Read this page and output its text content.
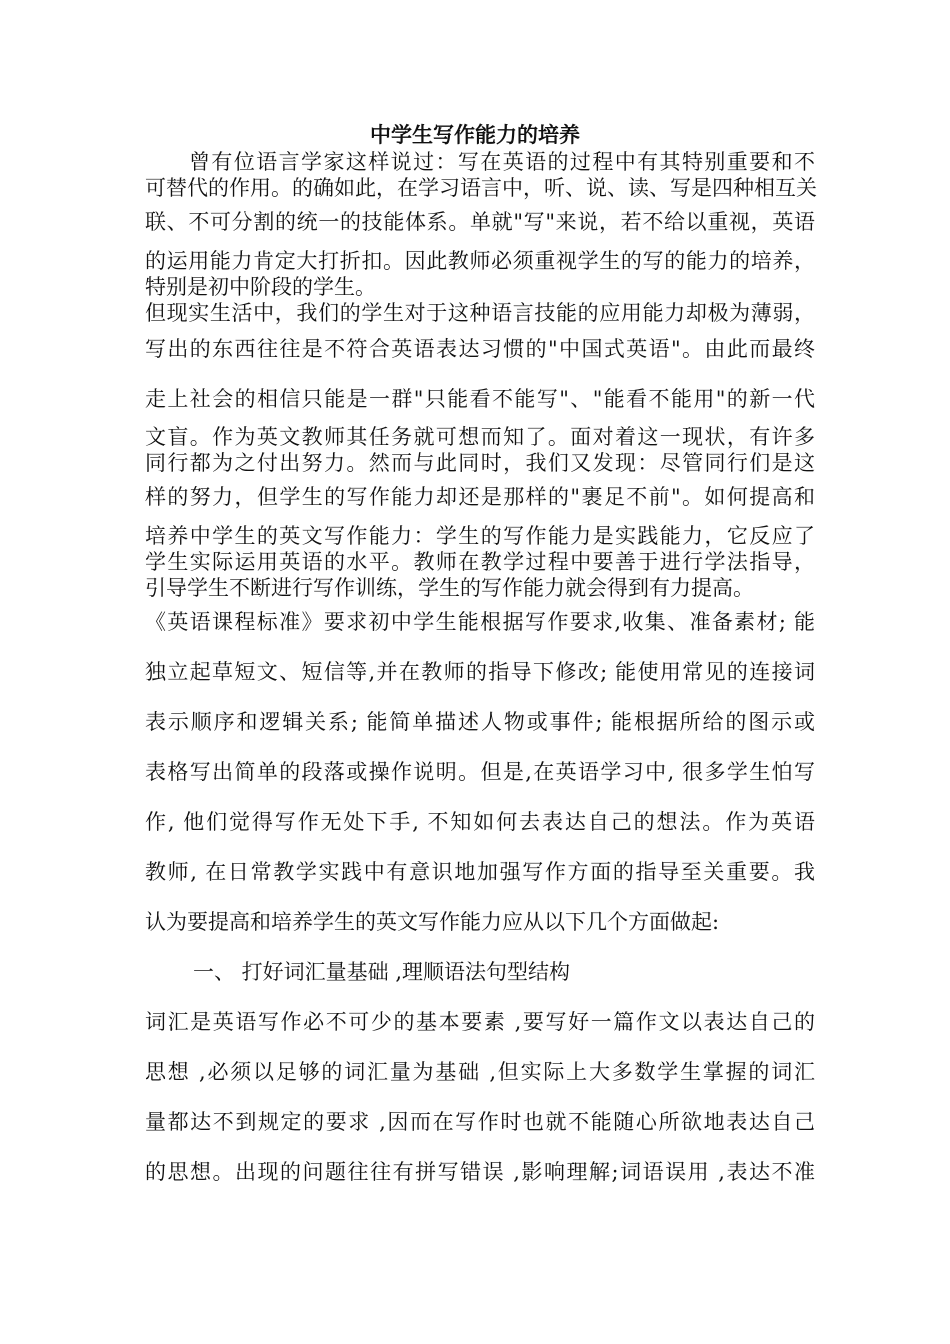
中学生写作能力的培养
曾有位语言学家这样说过：写在英语的过程中有其特别重要和不
可替代的作用。的确如此，在学习语言中，听、说、读、写是四种相互关
联、不可分割的统一的技能体系。单就"写"来说，若不给以重视，英语
的运用能力肯定大打折扣。因此教师必须重视学生的写的能力的培养，
特别是初中阶段的学生。
但现实生活中，我们的学生对于这种语言技能的应用能力却极为薄弱，
写出的东西往往是不符合英语表达习惯的"中国式英语"。由此而最终
走上社会的相信只能是一群"只能看不能写"、"能看不能用"的新一代
文盲。作为英文教师其任务就可想而知了。面对着这一现状，有许多
同行都为之付出努力。然而与此同时，我们又发现：尽管同行们是这
样的努力，但学生的写作能力却还是那样的"裹足不前"。如何提高和
培养中学生的英文写作能力：学生的写作能力是实践能力，它反应了
学生实际运用英语的水平。教师在教学过程中要善于进行学法指导，
引导学生不断进行写作训练，学生的写作能力就会得到有力提高。
《英语课程标准》要求初中学生能根据写作要求,收集、准备素材; 能
独立起草短文、短信等,并在教师的指导下修改; 能使用常见的连接词
表示顺序和逻辑关系; 能简单描述人物或事件; 能根据所给的图示或
表格写出简单的段落或操作说明。但是,在英语学习中, 很多学生怕写
作, 他们觉得写作无处下手, 不知如何去表达自己的想法。作为英语
教师, 在日常教学实践中有意识地加强写作方面的指导至关重要。我
认为要提高和培养学生的英文写作能力应从以下几个方面做起:
一、 打好词汇量基础 ,理顺语法句型结构
词汇是英语写作必不可少的基本要素 ,要写好一篇作文以表达自己的
思想 ,必须以足够的词汇量为基础 ,但实际上大多数学生掌握的词汇
量都达不到规定的要求 ,因而在写作时也就不能随心所欲地表达自己
的思想。出现的问题往往有拼写错误 ,影响理解;词语误用 ,表达不准
